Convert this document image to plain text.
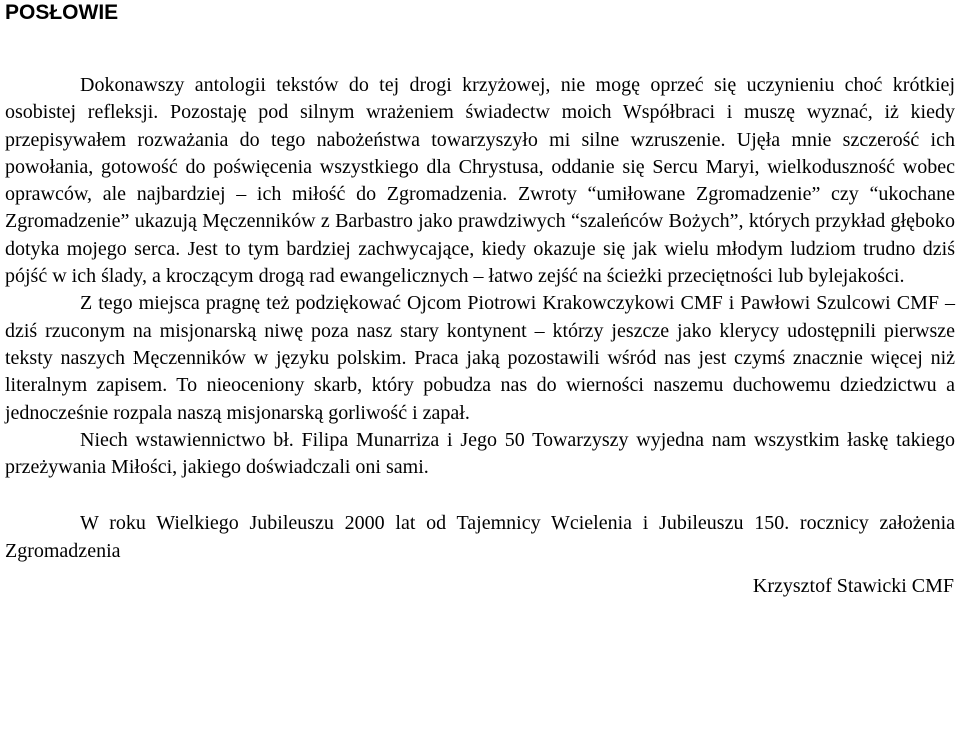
POSŁOWIE

Dokonawszy antologii tekstów do tej drogi krzyżowej, nie mogę oprzeć się uczynieniu choć krótkiej osobistej refleksji. Pozostaję pod silnym wrażeniem świadectw moich Współbraci i muszę wyznać, iż kiedy przepisywałem rozważania do tego nabożeństwa towarzyszyło mi silne wzruszenie. Ujęła mnie szczerość ich powołania, gotowość do poświęcenia wszystkiego dla Chrystusa, oddanie się Sercu Maryi, wielkoduszność wobec oprawców, ale najbardziej – ich miłość do Zgromadzenia. Zwroty “umiłowane Zgromadzenie” czy “ukochane Zgromadzenie” ukazują Męczenników z Barbastro jako prawdziwych “szaleńców Bożych”, których przykład głęboko dotyka mojego serca. Jest to tym bardziej zachwycające, kiedy okazuje się jak wielu młodym ludziom trudno dziś pójść w ich ślady, a kroczącym drogą rad ewangelicznych – łatwo zejść na ścieżki przeciętności lub bylejakości.

Z tego miejsca pragnę też podziękować Ojcom Piotrowi Krakowczykowi CMF i Pawłowi Szulcowi CMF – dziś rzuconym na misjonarską niwę poza nasz stary kontynent – którzy jeszcze jako klerycy udostępnili pierwsze teksty naszych Męczenników w języku polskim. Praca jaką pozostawili wśród nas jest czymś znacznie więcej niż literalnym zapisem. To nieoceniony skarb, który pobudza nas do wierności naszemu duchowemu dziedzictwu a jednocześnie rozpala naszą misjonarską gorliwość i zapał.

Niech wstawiennictwo bł. Filipa Munarriza i Jego 50 Towarzyszy wyjedna nam wszystkim łaskę takiego przeżywania Miłości, jakiego doświadczali oni sami.

W roku Wielkiego Jubileuszu 2000 lat od Tajemnicy Wcielenia i Jubileuszu 150. rocznicy założenia Zgromadzenia

Krzysztof Stawicki CMF
